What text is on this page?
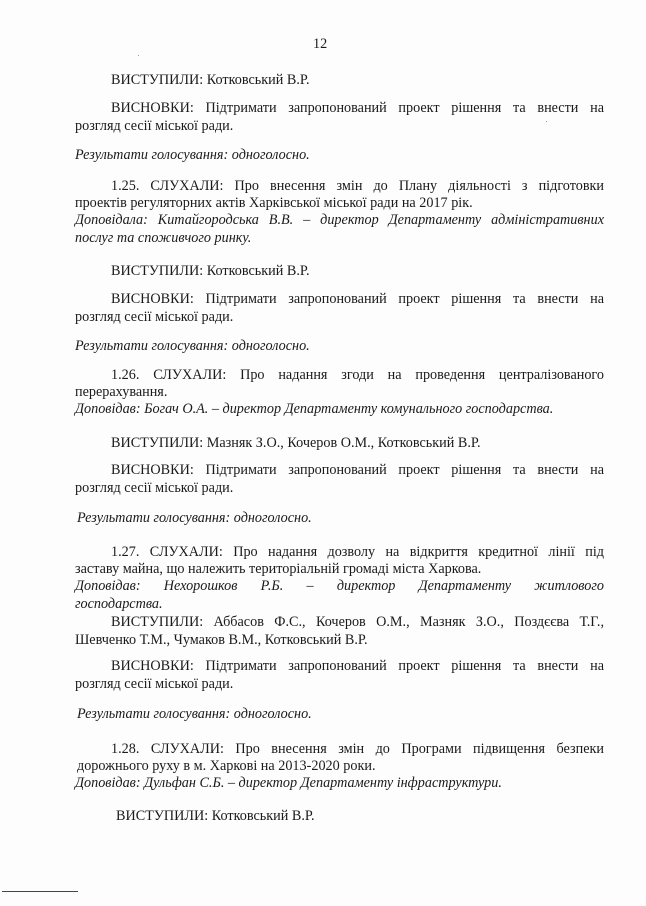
12
ВИСТУПИЛИ: Котковський В.Р.
ВИСНОВКИ: Підтримати запропонований проект рішення та внести на
розгляд сесії міської ради.
Результати голосування: одноголосно.
1.25. СЛУХАЛИ: Про внесення змін до Плану діяльності з підготовки
проектів регуляторних актів Харківської міської ради на 2017 рік.
Доповідала: Китайгородська В.В. – директор Департаменту адміністративних
послуг та споживчого ринку.
ВИСТУПИЛИ: Котковський В.Р.
ВИСНОВКИ: Підтримати запропонований проект рішення та внести на
розгляд сесії міської ради.
Результати голосування: одноголосно.
1.26. СЛУХАЛИ: Про надання згоди на проведення централізованого
перерахування.
Доповідав: Богач О.А. – директор Департаменту комунального господарства.
ВИСТУПИЛИ: Мазняк З.О., Кочеров О.М., Котковський В.Р.
ВИСНОВКИ: Підтримати запропонований проект рішення та внести на
розгляд сесії міської ради.
Результати голосування: одноголосно.
1.27. СЛУХАЛИ: Про надання дозволу на відкриття кредитної лінії під
заставу майна, що належить територіальній громаді міста Харкова.
Доповідав: Нехорошков Р.Б. – директор Департаменту житлового
господарства.
ВИСТУПИЛИ: Аббасов Ф.С., Кочеров О.М., Мазняк З.О., Поздєєва Т.Г.,
Шевченко Т.М., Чумаков В.М., Котковський В.Р.
ВИСНОВКИ: Підтримати запропонований проект рішення та внести на
розгляд сесії міської ради.
Результати голосування: одноголосно.
1.28. СЛУХАЛИ: Про внесення змін до Програми підвищення безпеки
дорожнього руху в м. Харкові на 2013-2020 роки.
Доповідав: Дульфан С.Б. – директор Департаменту інфраструктури.
ВИСТУПИЛИ: Котковський В.Р.
